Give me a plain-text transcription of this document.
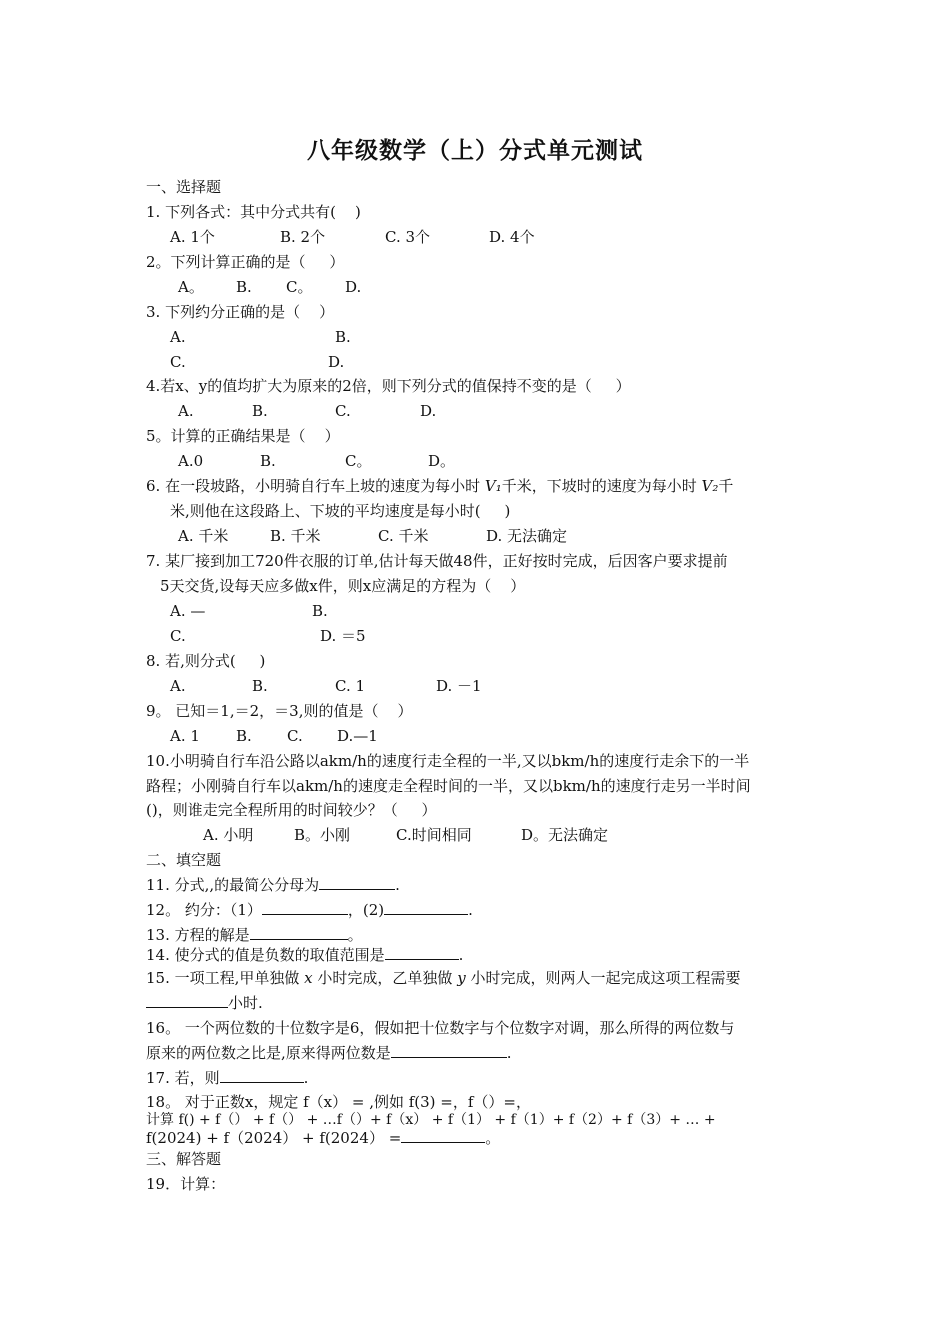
八年级数学（上）分式单元测试
一、选择题
1. 下列各式：其中分式共有(    )
A. 1个	B. 2个	C. 3个	D. 4个
2。下列计算正确的是（     ）
A。 B. C。 D.
3. 下列约分正确的是（    ）
A.	B.
C.	D.
4.若x、y的值均扩大为原来的2倍，则下列分式的值保持不变的是（     ）
A.	B.	C.	D.
5。计算的正确结果是（    ）
A.0	B.	C。	D。
6. 在一段坡路，小明骑自行车上坡的速度为每小时 V₁千米，下坡时的速度为每小时 V₂千
米,则他在这段路上、下坡的平均速度是每小时(     )
A. 千米	B. 千米	C. 千米	D. 无法确定
7. 某厂接到加工720件衣服的订单,估计每天做48件，正好按时完成，后因客户要求提前
5天交货,设每天应多做x件，则x应满足的方程为（    ）
A. —	B.
C.	D. ＝5
8. 若,则分式(     )
A.	B.	C. 1	D. －1
9。 已知＝1,＝2，＝3,则的值是（    ）
A. 1 B. C. D.—1
10.小明骑自行车沿公路以akm/h的速度行走全程的一半,又以bkm/h的速度行走余下的一半
路程；小刚骑自行车以akm/h的速度走全程时间的一半，又以bkm/h的速度行走另一半时间
()，则谁走完全程所用的时间较少？（     ）
A. 小明	B。小刚	C.时间相同	D。无法确定
二、填空题
11. 分式,,的最简公分母为	.
12。 约分：（1）	，(2)	.
13. 方程的解是	。
14. 使分式的值是负数的取值范围是	.
15. 一项工程,甲单独做 x 小时完成，乙单独做 y 小时完成，则两人一起完成这项工程需要
小时.
16。 一个两位数的十位数字是6，假如把十位数字与个位数字对调，那么所得的两位数与
原来的两位数之比是,原来得两位数是	.
17. 若，则	.
18。 对于正数x，规定 f（x） = ,例如 f(3) =，f（）=，
计算 f() + f（） + f（） + …f（）+ f（x） + f（1） + f（1）+ f（2）+ f（3）+ … +
f(2024) + f（2024） + f(2024） =	。
三、解答题
19．计算：
